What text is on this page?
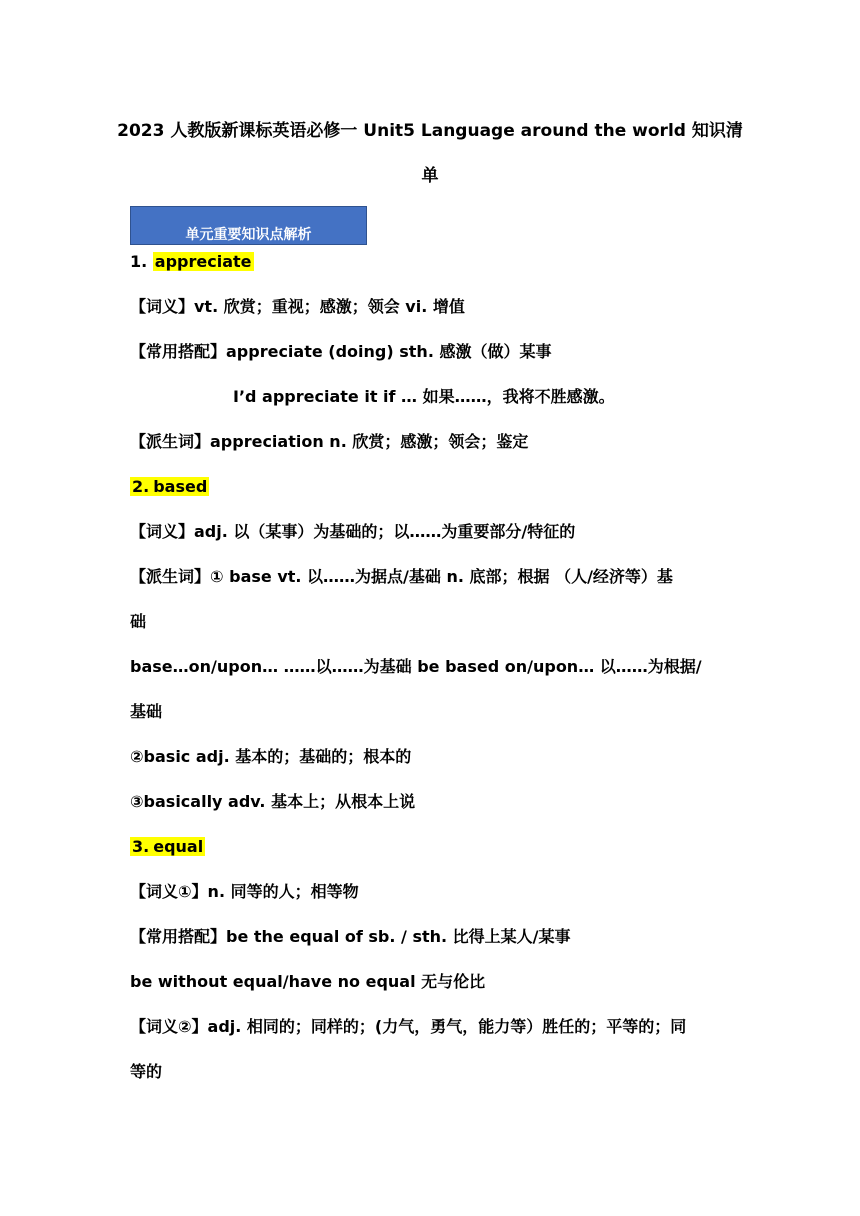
2023 人教版新课标英语必修一 Unit5 Language around the world 知识清
单
单元重要知识点解析
1. appreciate
【词义】vt. 欣赏；重视；感激；领会 vi. 增值
【常用搭配】appreciate (doing) sth. 感激（做）某事
I’d appreciate it if … 如果……，我将不胜感激。
【派生词】appreciation n. 欣赏；感激；领会；鉴定
2. based
【词义】adj. 以（某事）为基础的；以……为重要部分/特征的
【派生词】① base vt. 以……为据点/基础 n. 底部；根据 （人/经济等）基
础
base…on/upon… ……以……为基础 be based on/upon… 以……为根据/
基础
②basic adj. 基本的；基础的；根本的
③basically adv. 基本上；从根本上说
3. equal
【词义①】n. 同等的人；相等物
【常用搭配】be the equal of sb. / sth. 比得上某人/某事
be without equal/have no equal 无与伦比
【词义②】adj. 相同的；同样的；(力气，勇气，能力等）胜任的；平等的；同
等的
